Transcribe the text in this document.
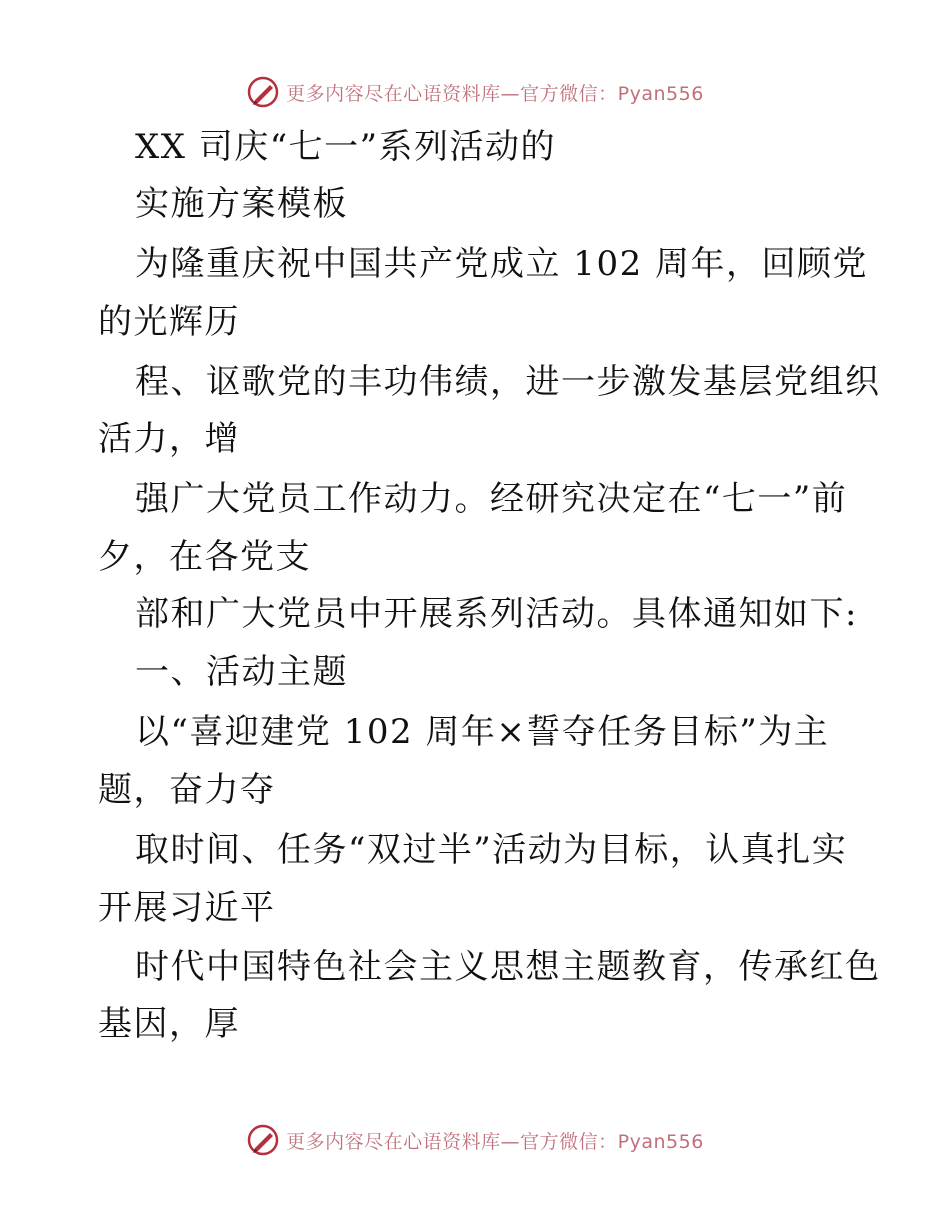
更多内容尽在心语资料库—官方微信：Pyan556
XX 司庆“七一”系列活动的
实施方案模板
为隆重庆祝中国共产党成立 102 周年，回顾党
的光辉历
程、讴歌党的丰功伟绩，进一步激发基层党组织
活力，增
强广大党员工作动力。经研究决定在“七一”前
夕，在各党支
部和广大党员中开展系列活动。具体通知如下:
一、活动主题
以“喜迎建党 102 周年×誓夺任务目标”为主
题，奋力夺
取时间、任务“双过半”活动为目标，认真扎实
开展习近平
时代中国特色社会主义思想主题教育，传承红色
基因，厚
更多内容尽在心语资料库—官方微信：Pyan556
